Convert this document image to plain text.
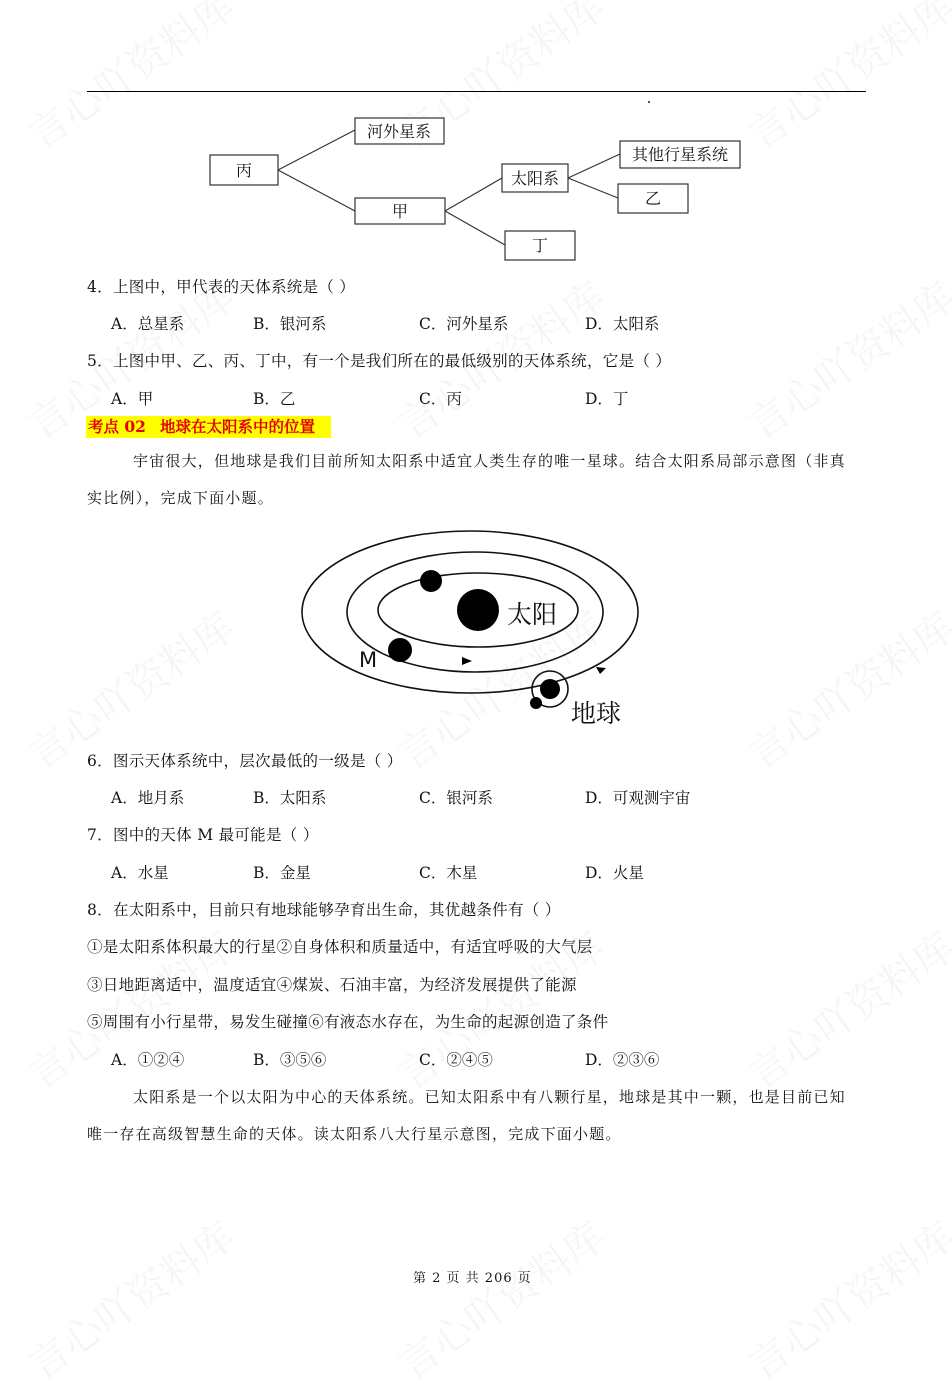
丙
河外星系
甲
太阳系
其他行星系统
乙
丁
4．上图中，甲代表的天体系统是（ ）
A．总星系	B．银河系	C．河外星系	D．太阳系
5．上图中甲、乙、丙、丁中，有一个是我们所在的最低级别的天体系统，它是（ ）
A．甲	B．乙	C．丙	D．丁
考点 02 地球在太阳系中的位置
宇宙很大，但地球是我们目前所知太阳系中适宜人类生存的唯一星球。结合太阳系局部示意图（非真
实比例），完成下面小题。
太阳
M
地球
6．图示天体系统中，层次最低的一级是（ ）
A．地月系	B．太阳系	C．银河系	D．可观测宇宙
7．图中的天体 M 最可能是（ ）
A．水星	B．金星	C．木星	D．火星
8．在太阳系中，目前只有地球能够孕育出生命，其优越条件有（ ）
①是太阳系体积最大的行星②自身体积和质量适中，有适宜呼吸的大气层
③日地距离适中，温度适宜④煤炭、石油丰富，为经济发展提供了能源
⑤周围有小行星带，易发生碰撞⑥有液态水存在，为生命的起源创造了条件
A．①②④	B．③⑤⑥	C．②④⑤	D．②③⑥
太阳系是一个以太阳为中心的天体系统。已知太阳系中有八颗行星，地球是其中一颗，也是目前已知
唯一存在高级智慧生命的天体。读太阳系八大行星示意图，完成下面小题。
第 2 页 共 206 页
